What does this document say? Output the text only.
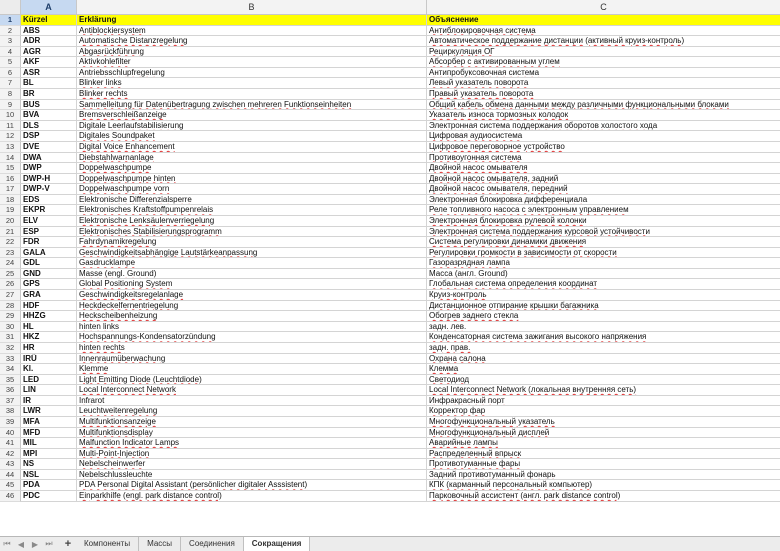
A	B	C
1	Kürzel	Erklärung	Объяснение
2	ABS	Antiblockiersystem	Антиблокировочная система
3	ADR	Automatische Distanzregelung	Автоматическое поддержание дистанции (активный круиз-контроль)
4	AGR	Abgasrückführung	Рециркуляция ОГ
5	AKF	Aktivkohlefilter	Абсорбер с активированным углем
6	ASR	Antriebsschlupfregelung	Антипробуксовочная система
7	BL	Blinker links	Левый указатель поворота
8	BR	Blinker rechts	Правый указатель поворота
9	BUS	Sammelleitung für Datenübertragung zwischen mehreren Funktionseinheiten	Общий кабель обмена данными между различными функциональными блоками
10	BVA	Bremsverschleißanzeige	Указатель износа тормозных колодок
11	DLS	Digitale Leerlaufstabilisierung	Электронная система поддержания оборотов холостого хода
12	DSP	Digitales Soundpaket	Цифровая аудиосистема
13	DVE	Digital Voice Enhancement	Цифровое переговорное устройство
14	DWA	Diebstahlwarnanlage	Противоугонная система
15	DWP	Doppelwaschpumpe	Двойной насос омывателя
16	DWP-H	Doppelwaschpumpe hinten	Двойной насос омывателя, задний
17	DWP-V	Doppelwaschpumpe vorn	Двойной насос омывателя, передний
18	EDS	Elektronische Differenzialsperre	Электронная блокировка дифференциала
19	EKPR	Elektronisches Kraftstoffpumpenrelais	Реле топливного насоса с электронным управлением
20	ELV	Elektronische Lenksäulenverriegelung	Электронная блокировка рулевой колонки
21	ESP	Elektronisches Stabilisierungsprogramm	Электронная система поддержания курсовой устойчивости
22	FDR	Fahrdynamikregelung	Система регулировки динамики движения
23	GALA	Geschwindigkeitsabhängige Lautstärkeanpassung	Регулировки громкости в зависимости от скорости
24	GDL	Gasdrucklampe	Газоразрядная лампа
25	GND	Masse (engl. Ground)	Масса (англ. Ground)
26	GPS	Global Positioning System	Глобальная система определения координат
27	GRA	Geschwindigkeitsregelanlage	Круиз-контроль
28	HDF	Heckdeckelfernentriegelung	Дистанционное отпирание крышки багажника
29	HHZG	Heckscheibenheizung	Обогрев заднего стекла
30	HL	hinten links	задн. лев.
31	HKZ	Hochspannungs-Kondensatorzündung	Конденсаторная система зажигания высокого напряжения
32	HR	hinten rechts	задн. прав.
33	IRÜ	Innenraumüberwachung	Охрана салона
34	Kl.	Klemme	Клемма
35	LED	Light Emitting Diode (Leuchtdiode)	Светодиод
36	LIN	Local Interconnect Network	Local Interconnect Network (локальная внутренняя сеть)
37	IR	Infrarot	Инфракрасный порт
38	LWR	Leuchtweitenregelung	Корректор фар
39	MFA	Multifunktionsanzeige	Многофункциональный указатель
40	MFD	Multifunktionsdisplay	Многофункциональный дисплей
41	MIL	Malfunction Indicator Lamps	Аварийные лампы
42	MPI	Multi-Point-Injection	Распределенный впрыск
43	NS	Nebelscheinwerfer	Противотуманные фары
44	NSL	Nebelschlussleuchte	Задний противотуманный фонарь
45	PDA	PDA Personal Digital Assistant (persönlicher digitaler Asssistent)	КПК (карманный персональный компьютер)
46	PDC	Einparkhilfe (engl. park distance control)	Парковочный ассистент (англ. park distance control)
⏮ ◀ ▶ ⏭	+	Компоненты	Массы	Соединения	Сокращения
